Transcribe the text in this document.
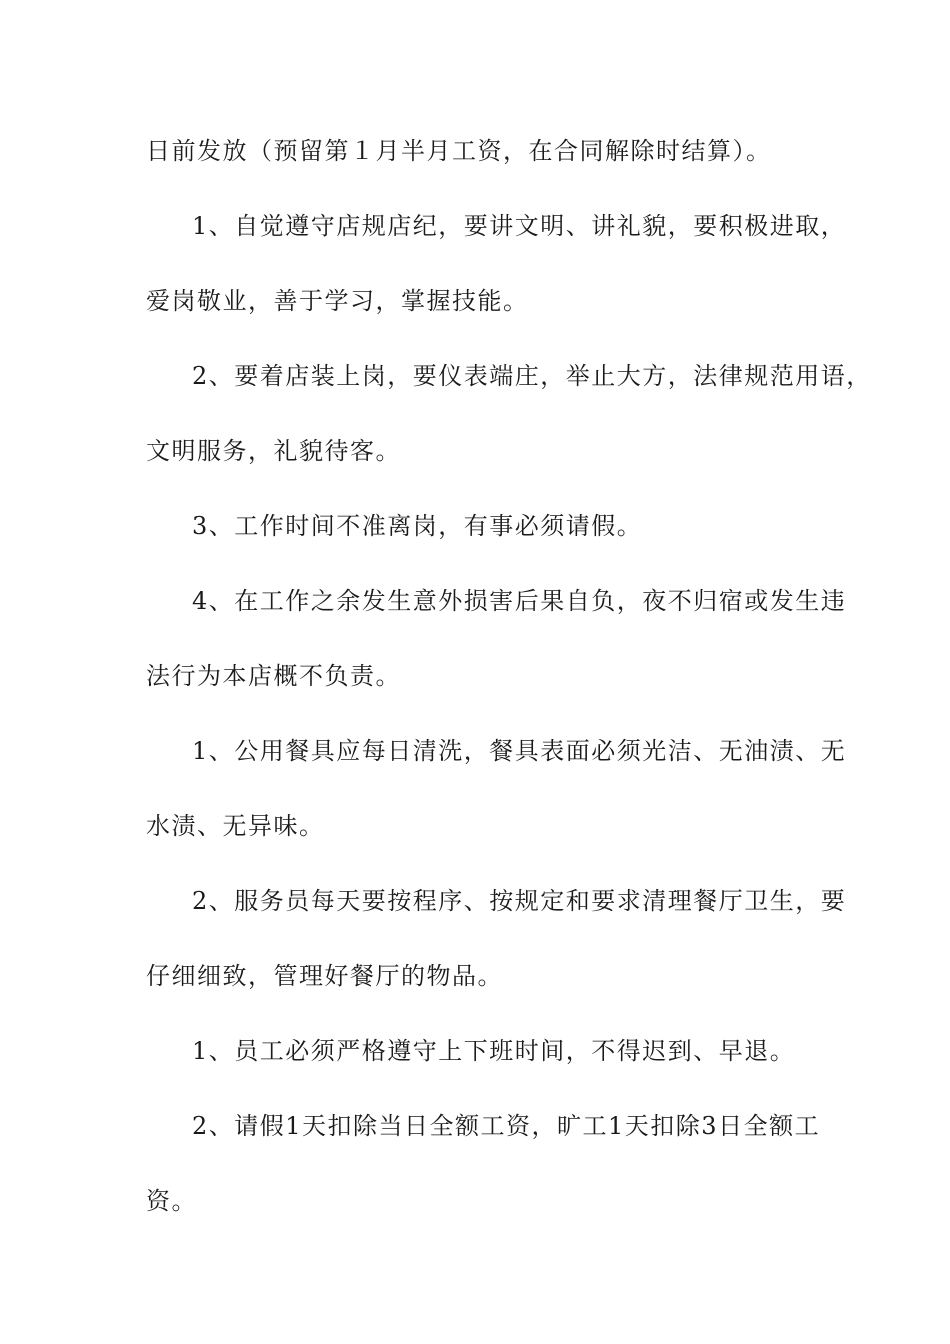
日前发放（预留第１月半月工资，在合同解除时结算）。
1、自觉遵守店规店纪，要讲文明、讲礼貌，要积极进取，
爱岗敬业，善于学习，掌握技能。
2、要着店装上岗，要仪表端庄，举止大方，法律规范用语，
文明服务，礼貌待客。
3、工作时间不准离岗，有事必须请假。
4、在工作之余发生意外损害后果自负，夜不归宿或发生违
法行为本店概不负责。
1、公用餐具应每日清洗，餐具表面必须光洁、无油渍、无
水渍、无异味。
2、服务员每天要按程序、按规定和要求清理餐厅卫生，要
仔细细致，管理好餐厅的物品。
1、员工必须严格遵守上下班时间，不得迟到、早退。
2、请假1天扣除当日全额工资，旷工1天扣除3日全额工
资。
